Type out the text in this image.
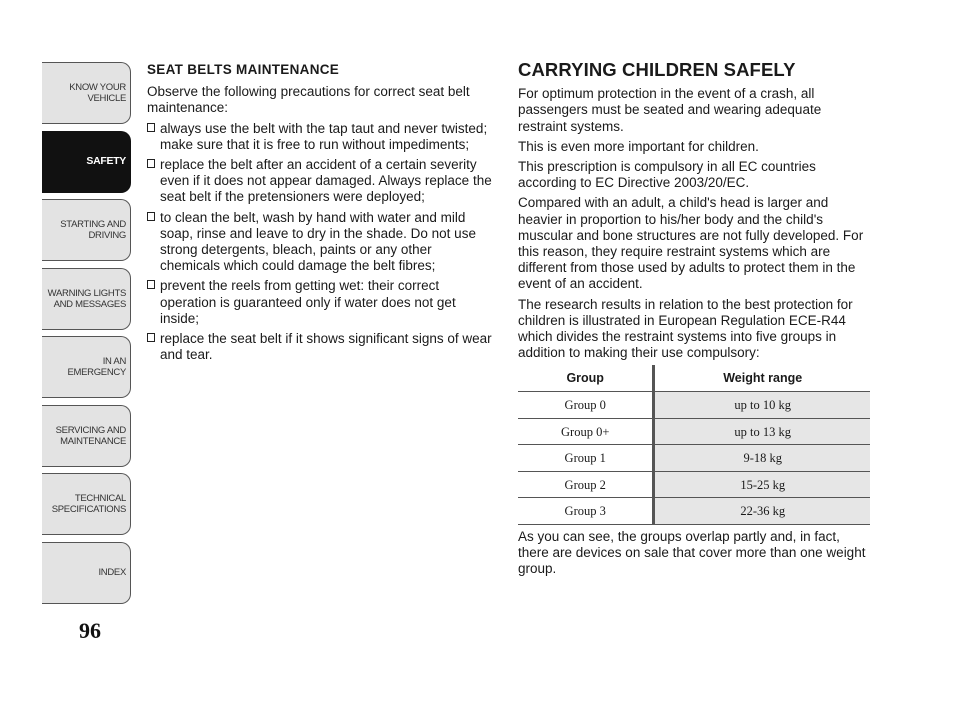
KNOW YOUR
VEHICLE
SAFETY
STARTING AND
DRIVING
WARNING LIGHTS
AND MESSAGES
IN AN EMERGENCY
SERVICING AND
MAINTENANCE
TECHNICAL
SPECIFICATIONS
INDEX
96
SEAT BELTS MAINTENANCE

Observe the following precautions for correct seat belt maintenance:

always use the belt with the tap taut and never twisted; make sure that it is free to run without impediments;
replace the belt after an accident of a certain severity even if it does not appear damaged. Always replace the seat belt if the pretensioners were deployed;
to clean the belt, wash by hand with water and mild soap, rinse and leave to dry in the shade. Do not use strong detergents, bleach, paints or any other chemicals which could damage the belt fibres;
prevent the reels from getting wet: their correct operation is guaranteed only if water does not get inside;
replace the seat belt if it shows significant signs of wear and tear.
CARRYING CHILDREN SAFELY

For optimum protection in the event of a crash, all passengers must be seated and wearing adequate restraint systems.

This is even more important for children.

This prescription is compulsory in all EC countries according to EC Directive 2003/20/EC.

Compared with an adult, a child's head is larger and heavier in proportion to his/her body and the child's muscular and bone structures are not fully developed. For this reason, they require restraint systems which are different from those used by adults to protect them in the event of an accident.

The research results in relation to the best protection for children is illustrated in European Regulation ECE-R44 which divides the restraint systems into five groups in addition to making their use compulsory:

Group	Weight range
Group 0	up to 10 kg
Group 0+	up to 13 kg
Group 1	9-18 kg
Group 2	15-25 kg
Group 3	22-36 kg

As you can see, the groups overlap partly and, in fact, there are devices on sale that cover more than one weight group.
